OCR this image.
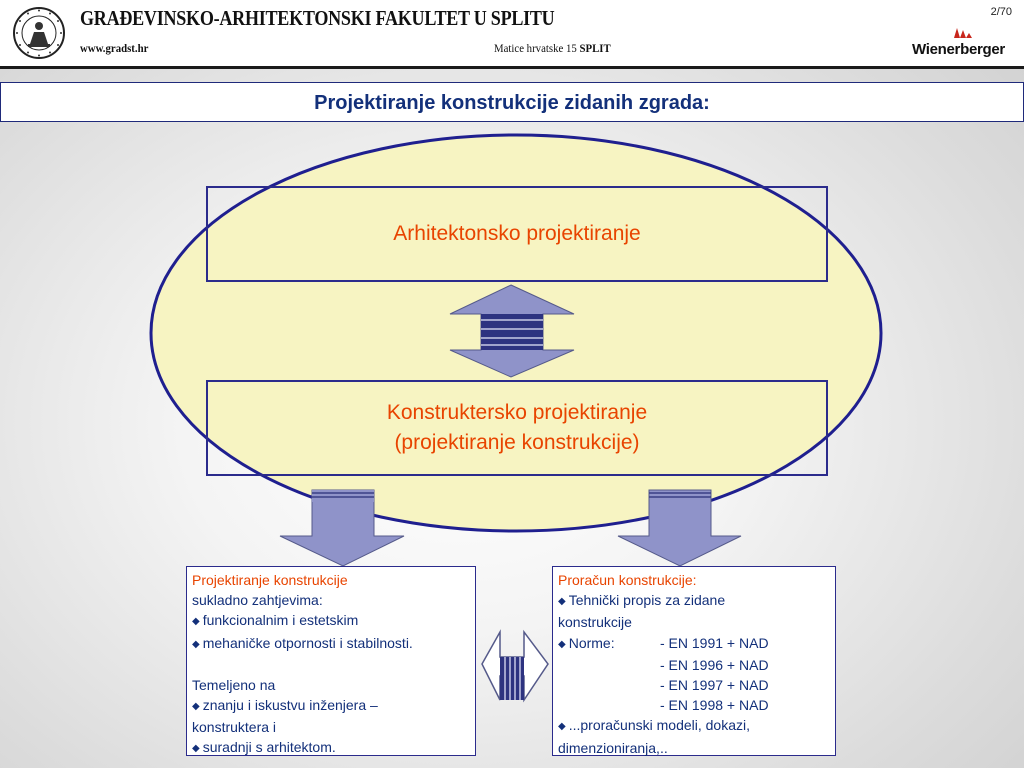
GRAĐEVINSKO-ARHITEKTONSKI FAKULTET U SPLITU
www.gradst.hr	Matice hrvatske 15 SPLIT
2/70
Wienerberger
Projektiranje konstrukcije zidanih zgrada:
Arhitektonsko projektiranje
Konstruktersko projektiranje
(projektiranje konstrukcije)
Projektiranje konstrukcije
sukladno zahtjevima:
◆ funkcionalnim i estetskim
◆ mehaničke otpornosti i stabilnosti.
Temeljeno na
◆ znanju i iskustvu inženjera –
konstruktera i
◆ suradnji s arhitektom.
Proračun konstrukcije:
◆ Tehnički propis za zidane
konstrukcije
◆ Norme:	- EN 1991 + NAD
- EN 1996 + NAD
- EN 1997 + NAD
- EN 1998 + NAD
◆ ...proračunski modeli, dokazi,
dimenzioniranja,..
